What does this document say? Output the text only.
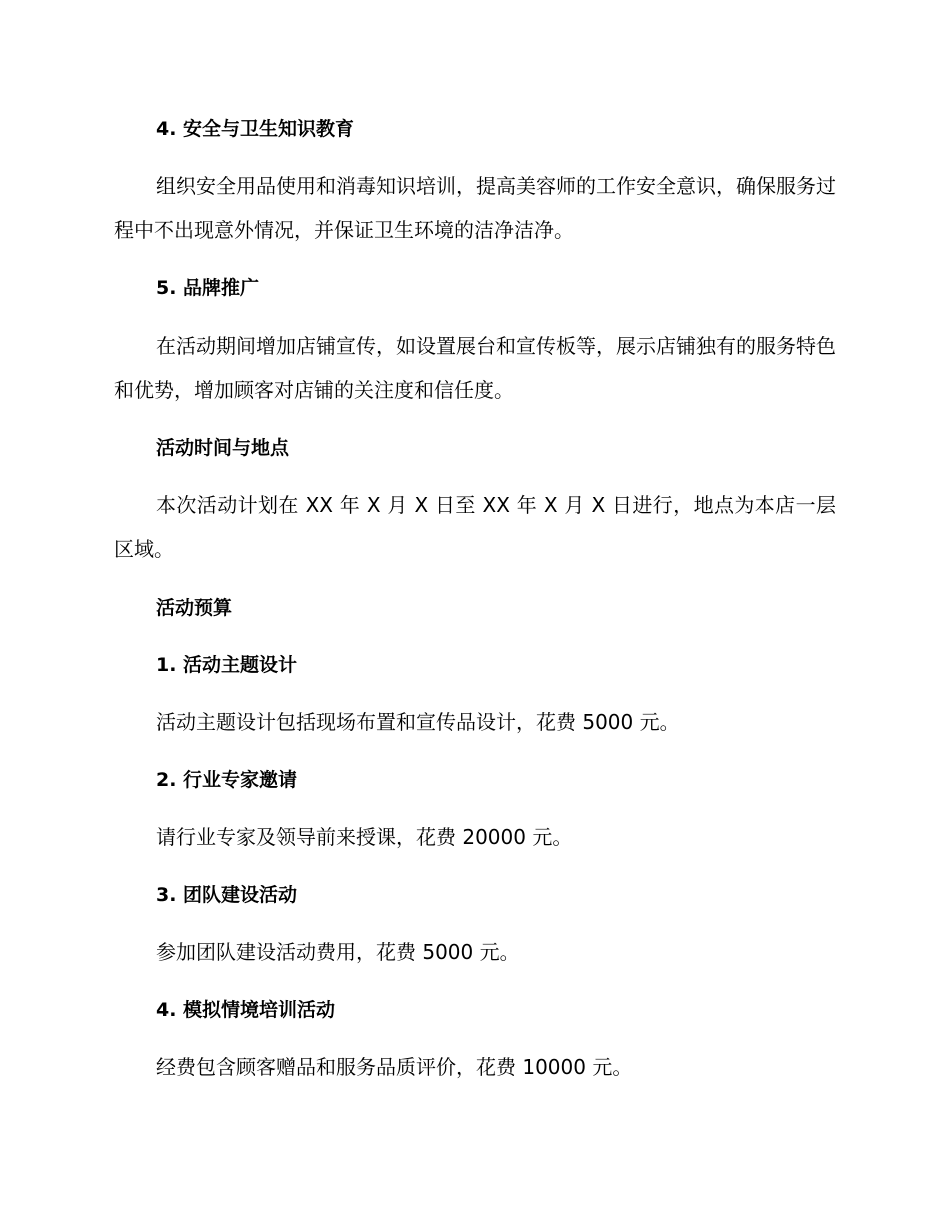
4. 安全与卫生知识教育
组织安全用品使用和消毒知识培训，提高美容师的工作安全意识，确保服务过程中不出现意外情况，并保证卫生环境的洁净洁净。
5. 品牌推广
在活动期间增加店铺宣传，如设置展台和宣传板等，展示店铺独有的服务特色和优势，增加顾客对店铺的关注度和信任度。
活动时间与地点
本次活动计划在 XX 年 X 月 X 日至 XX 年 X 月 X 日进行，地点为本店一层区域。
活动预算
1. 活动主题设计
活动主题设计包括现场布置和宣传品设计，花费 5000 元。
2. 行业专家邀请
请行业专家及领导前来授课，花费 20000 元。
3. 团队建设活动
参加团队建设活动费用，花费 5000 元。
4. 模拟情境培训活动
经费包含顾客赠品和服务品质评价，花费 10000 元。
